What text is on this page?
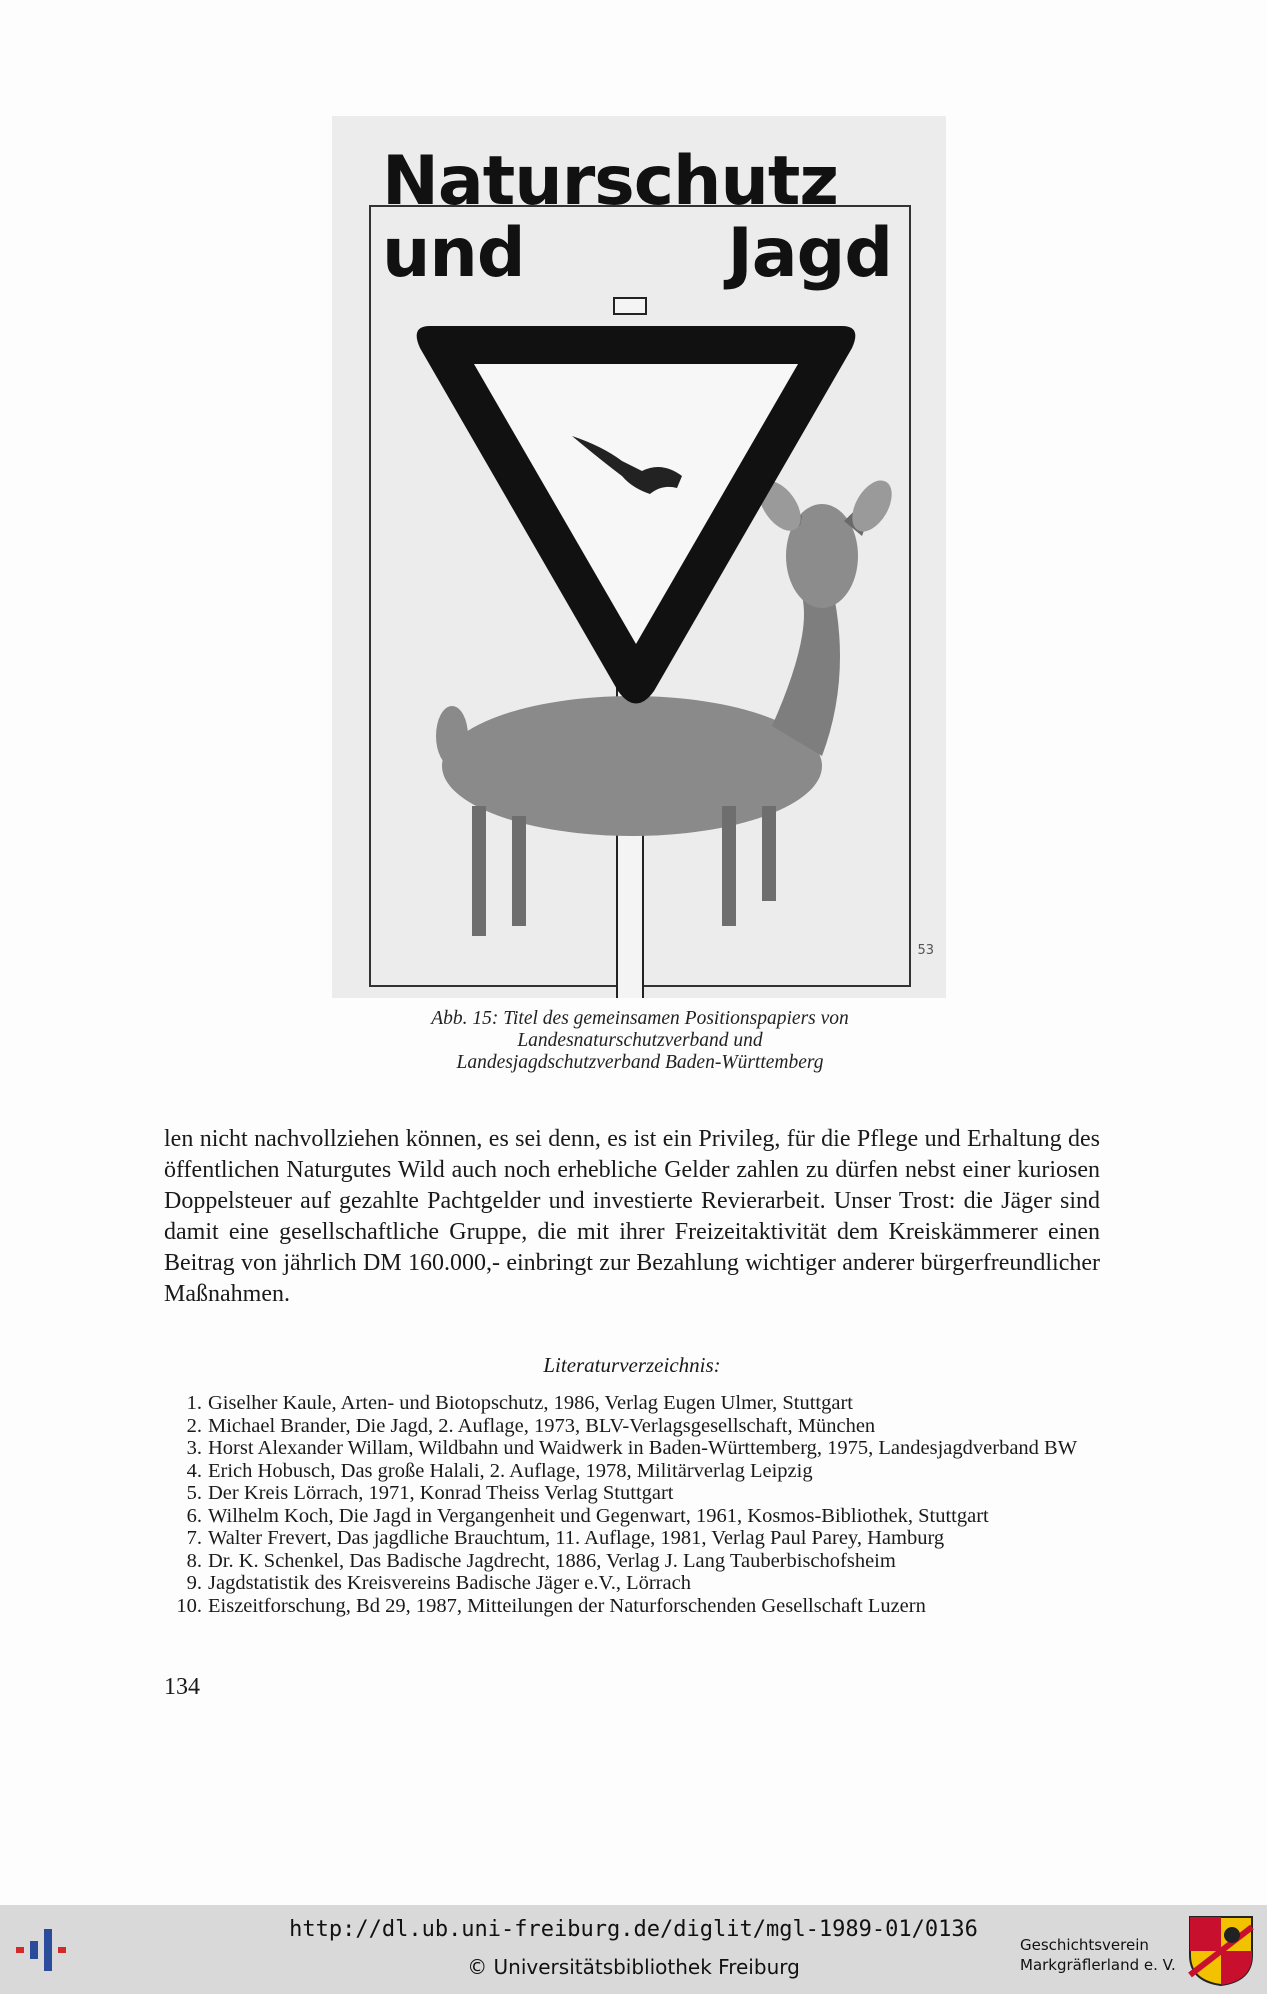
Naturschutz
und	Jagd
53
Abb. 15: Titel des gemeinsamen Positionspapiers von
Landesnaturschutzverband und
Landesjagdschutzverband Baden-Württemberg
len nicht nachvollziehen können, es sei denn, es ist ein Privileg, für die Pflege und Erhaltung des öffentlichen Naturgutes Wild auch noch erhebliche Gelder zahlen zu dürfen nebst einer kuriosen Doppelsteuer auf gezahlte Pachtgelder und investierte Revierarbeit. Unser Trost: die Jäger sind damit eine gesellschaftliche Gruppe, die mit ihrer Freizeitaktivität dem Kreiskämmerer einen Beitrag von jährlich DM 160.000,- einbringt zur Bezahlung wichtiger anderer bürgerfreundlicher Maßnahmen.
Literaturverzeichnis:
1. Giselher Kaule, Arten- und Biotopschutz, 1986, Verlag Eugen Ulmer, Stuttgart
2. Michael Brander, Die Jagd, 2. Auflage, 1973, BLV-Verlagsgesellschaft, München
3. Horst Alexander Willam, Wildbahn und Waidwerk in Baden-Württemberg, 1975, Landesjagdverband BW
4. Erich Hobusch, Das große Halali, 2. Auflage, 1978, Militärverlag Leipzig
5. Der Kreis Lörrach, 1971, Konrad Theiss Verlag Stuttgart
6. Wilhelm Koch, Die Jagd in Vergangenheit und Gegenwart, 1961, Kosmos-Bibliothek, Stuttgart
7. Walter Frevert, Das jagdliche Brauchtum, 11. Auflage, 1981, Verlag Paul Parey, Hamburg
8. Dr. K. Schenkel, Das Badische Jagdrecht, 1886, Verlag J. Lang Tauberbischofsheim
9. Jagdstatistik des Kreisvereins Badische Jäger e.V., Lörrach
10. Eiszeitforschung, Bd 29, 1987, Mitteilungen der Naturforschenden Gesellschaft Luzern
134
http://dl.ub.uni-freiburg.de/diglit/mgl-1989-01/0136
© Universitätsbibliothek Freiburg
Geschichtsverein
Markgräflerland e. V.
